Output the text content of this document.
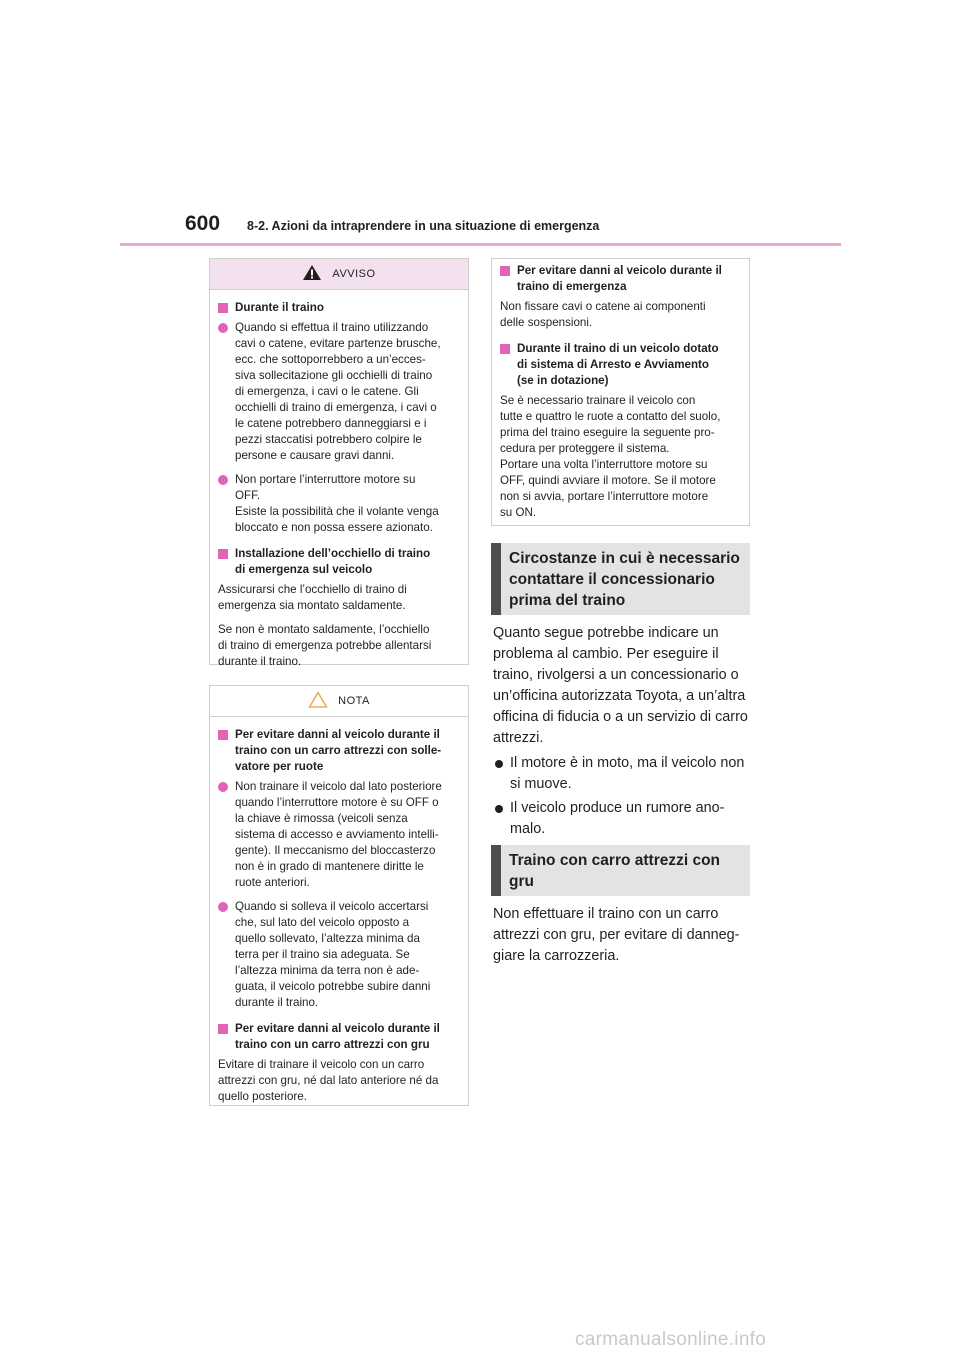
600 8-2. Azioni da intraprendere in una situazione di emergenza
AVVISO
Durante il traino
Quando si effettua il traino utilizzando
cavi o catene, evitare partenze brusche,
ecc. che sottoporrebbero a un’ecces-
siva sollecitazione gli occhielli di traino
di emergenza, i cavi o le catene. Gli
occhielli di traino di emergenza, i cavi o
le catene potrebbero danneggiarsi e i
pezzi staccatisi potrebbero colpire le
persone e causare gravi danni.
Non portare l’interruttore motore su
OFF.
Esiste la possibilità che il volante venga
bloccato e non possa essere azionato.
Installazione dell’occhiello di traino
di emergenza sul veicolo
Assicurarsi che l’occhiello di traino di
emergenza sia montato saldamente.
Se non è montato saldamente, l’occhiello
di traino di emergenza potrebbe allentarsi
durante il traino.
NOTA
Per evitare danni al veicolo durante il
traino con un carro attrezzi con solle-
vatore per ruote
Non trainare il veicolo dal lato posteriore
quando l’interruttore motore è su OFF o
la chiave è rimossa (veicoli senza
sistema di accesso e avviamento intelli-
gente). Il meccanismo del bloccasterzo
non è in grado di mantenere diritte le
ruote anteriori.
Quando si solleva il veicolo accertarsi
che, sul lato del veicolo opposto a
quello sollevato, l’altezza minima da
terra per il traino sia adeguata. Se
l’altezza minima da terra non è ade-
guata, il veicolo potrebbe subire danni
durante il traino.
Per evitare danni al veicolo durante il
traino con un carro attrezzi con gru
Evitare di trainare il veicolo con un carro
attrezzi con gru, né dal lato anteriore né da
quello posteriore.
Per evitare danni al veicolo durante il
traino di emergenza
Non fissare cavi o catene ai componenti
delle sospensioni.
Durante il traino di un veicolo dotato
di sistema di Arresto e Avviamento
(se in dotazione)
Se è necessario trainare il veicolo con
tutte e quattro le ruote a contatto del suolo,
prima del traino eseguire la seguente pro-
cedura per proteggere il sistema.
Portare una volta l’interruttore motore su
OFF, quindi avviare il motore. Se il motore
non si avvia, portare l’interruttore motore
su ON.
Circostanze in cui è necessario
contattare il concessionario
prima del traino
Quanto segue potrebbe indicare un
problema al cambio. Per eseguire il
traino, rivolgersi a un concessionario o
un’officina autorizzata Toyota, a un’altra
officina di fiducia o a un servizio di carro
attrezzi.
Il motore è in moto, ma il veicolo non
si muove.
Il veicolo produce un rumore ano-
malo.
Traino con carro attrezzi con
gru
Non effettuare il traino con un carro
attrezzi con gru, per evitare di danneg-
giare la carrozzeria.
carmanualsonline.info
